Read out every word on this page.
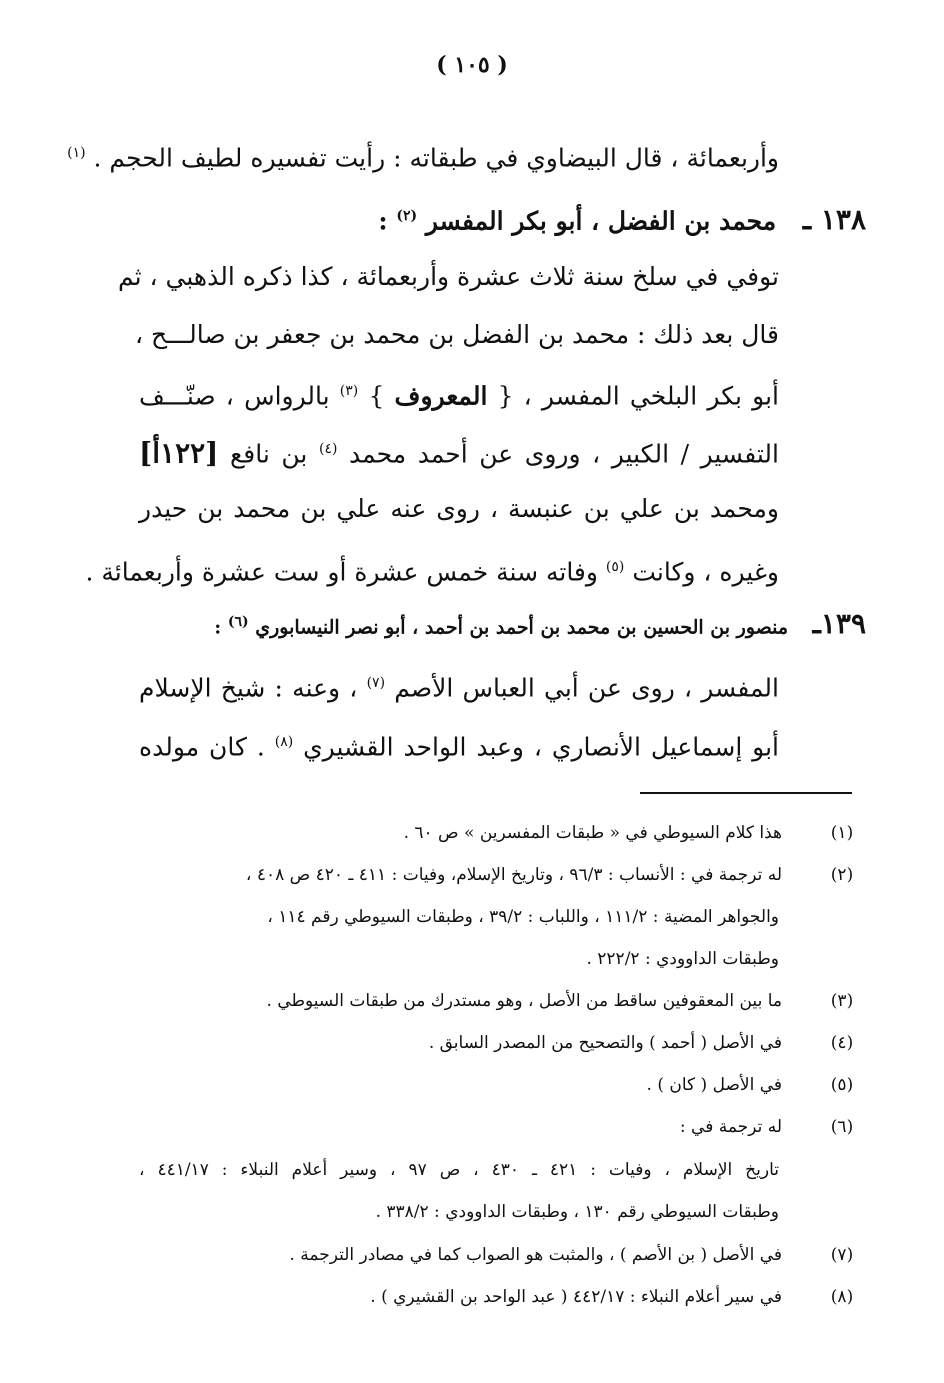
( ١٠٥ )
وأربعمائة ، قال البيضاوي في طبقاته : رأيت تفسيره لطيف الحجم . $^{(١)}$
١٣٨ ـ محمد بن الفضل ، أبو بكر المفسر $^{(٢)}$ :
توفي في سلخ سنة ثلاث عشرة وأربعمائة ، كذا ذكره الذهبي ، ثم
قال بعد ذلك : محمد بن الفضل بن محمد بن جعفر بن صالـــح ،
أبو بكر البلخي المفسر ، { المعروف } $^{(٣)}$ بالرواس ، صنّـــف
التفسير / الكبير ، وروى عن أحمد محمد $^{(٤)}$ بن نافع [١٢٢أ]
ومحمد بن علي بن عنبسة ، روى عنه علي بن محمد بن حيدر
وغيره ، وكانت $^{(٥)}$ وفاته سنة خمس عشرة أو ست عشرة وأربعمائة .
١٣٩ـ منصور بن الحسين بن محمد بن أحمد بن أحمد ، أبو نصر النيسابوري $^{(٦)}$ :
المفسر ، روى عن أبي العباس الأصم $^{(٧)}$ ، وعنه : شيخ الإسلام
أبو إسماعيل الأنصاري ، وعبد الواحد القشيري $^{(٨)}$ . كان مولده
(١)
هذا كلام السيوطي في « طبقات المفسرين » ص ٦٠ .
(٢)
له ترجمة في : الأنساب : ٩٦/٣ ، وتاريخ الإسلام، وفيات : ٤١١ ـ ٤٢٠ ص ٤٠٨ ،
والجواهر المضية : ١١١/٢ ، واللباب : ٣٩/٢ ، وطبقات السيوطي رقم ١١٤ ،
وطبقات الداوودي : ٢٢٢/٢ .
(٣)
ما بين المعقوفين ساقط من الأصل ، وهو مستدرك من طبقات السيوطي .
(٤)
في الأصل ( أحمد ) والتصحيح من المصدر السابق .
(٥)
في الأصل ( كان ) .
(٦)
له ترجمة في :
تاريخ الإسلام ، وفيات : ٤٢١ ـ ٤٣٠ ، ص ٩٧ ، وسير أعلام النبلاء : ٤٤١/١٧ ،
وطبقات السيوطي رقم ١٣٠ ، وطبقات الداوودي : ٣٣٨/٢ .
(٧)
في الأصل ( بن الأصم ) ، والمثبت هو الصواب كما في مصادر الترجمة .
(٨)
في سير أعلام النبلاء : ٤٤٢/١٧ ( عبد الواحد بن القشيري ) .
